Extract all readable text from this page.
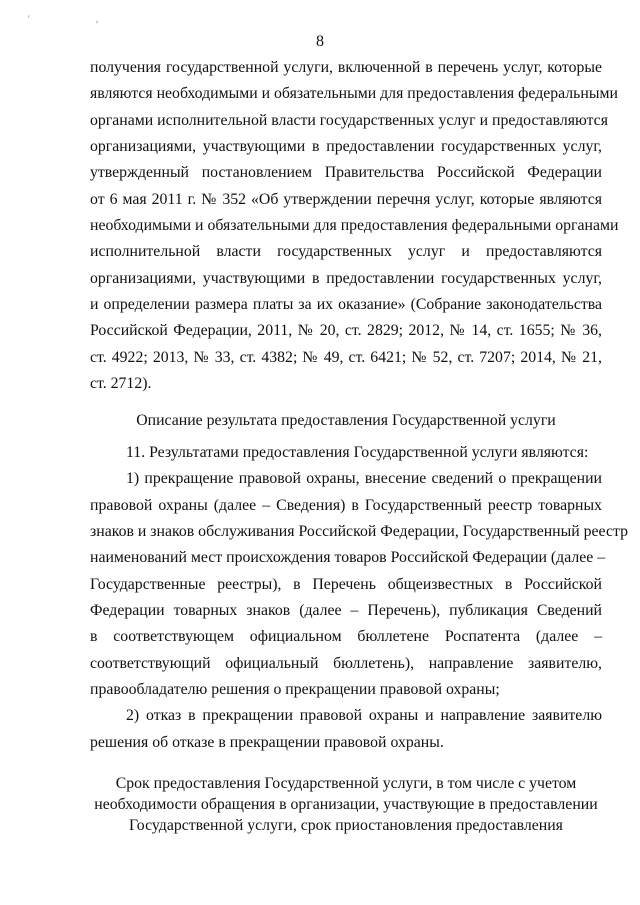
' ,
8
получения государственной услуги, включенной в перечень услуг, которые
являются необходимыми и обязательными для предоставления федеральными
органами исполнительной власти государственных услуг и предоставляются
организациями, участвующими в предоставлении государственных услуг,
утвержденный постановлением Правительства Российской Федерации
от 6 мая 2011 г. № 352 «Об утверждении перечня услуг, которые являются
необходимыми и обязательными для предоставления федеральными органами
исполнительной власти государственных услуг и предоставляются
организациями, участвующими в предоставлении государственных услуг,
и определении размера платы за их оказание» (Собрание законодательства
Российской Федерации, 2011, № 20, ст. 2829; 2012, № 14, ст. 1655; № 36,
ст. 4922; 2013, № 33, ст. 4382; № 49, ст. 6421; № 52, ст. 7207; 2014, № 21,
ст. 2712).
Описание результата предоставления Государственной услуги
11. Результатами предоставления Государственной услуги являются:
1) прекращение правовой охраны, внесение сведений о прекращении
правовой охраны (далее – Сведения) в Государственный реестр товарных
знаков и знаков обслуживания Российской Федерации, Государственный реестр
наименований мест происхождения товаров Российской Федерации (далее –
Государственные реестры), в Перечень общеизвестных в Российской
Федерации товарных знаков (далее – Перечень), публикация Сведений
в соответствующем официальном бюллетене Роспатента (далее –
соответствующий официальный бюллетень), направление заявителю,
правообладателю решения о прекращении правовой охраны;
2) отказ в прекращении правовой охраны и направление заявителю
решения об отказе в прекращении правовой охраны.
Срок предоставления Государственной услуги, в том числе с учетом
необходимости обращения в организации, участвующие в предоставлении
Государственной услуги, срок приостановления предоставления
